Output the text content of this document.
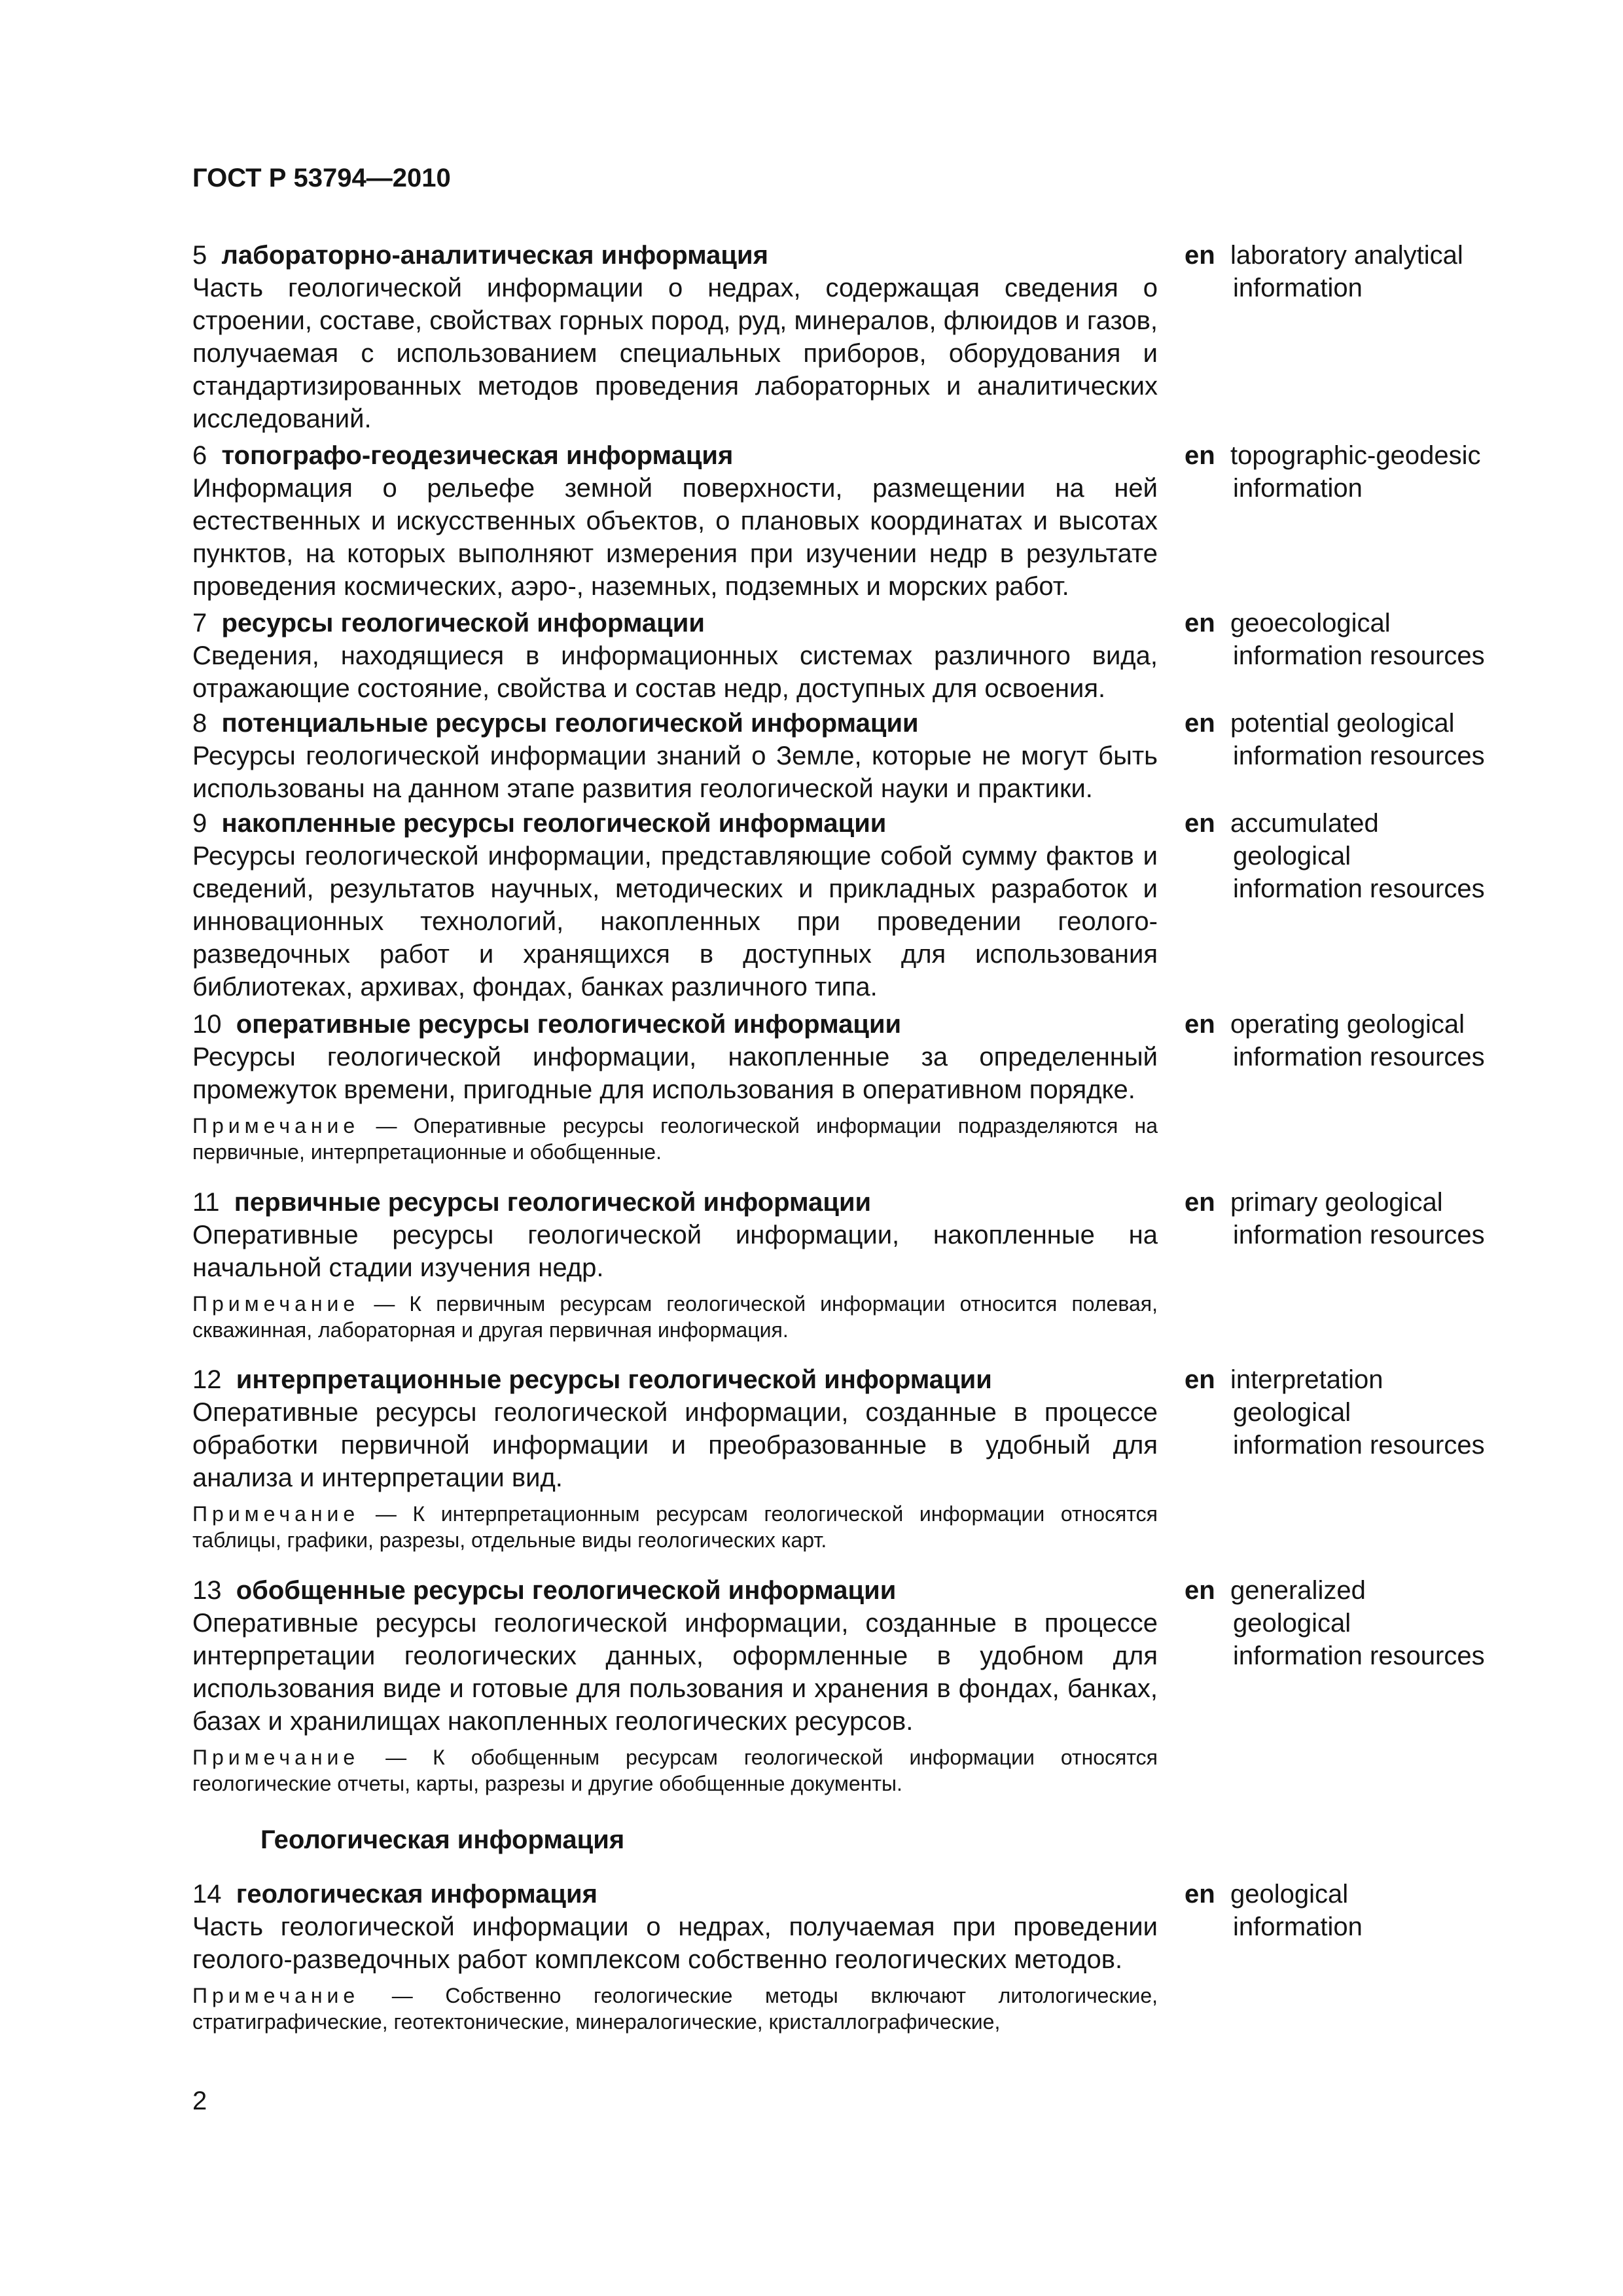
ГОСТ Р 53794—2010

5 лабораторно-аналитическая информация

Часть геологической информации о недрах, содержащая сведения о строении, составе, свойствах горных пород, руд, минералов, флюидов и газов, получаемая с использованием специальных приборов, оборудования и стандартизированных методов проведения лабораторных и аналитических исследований.

en laboratory analytical
information

6 топографо-геодезическая информация

Информация о рельефе земной поверхности, размещении на ней естественных и искусственных объектов, о плановых координатах и высотах пунктов, на которых выполняют измерения при изучении недр в результате проведения космических, аэро-, наземных, подземных и морских работ.

en topographic-geodesic
information

7 ресурсы геологической информации

Сведения, находящиеся в информационных системах различного вида, отражающие состояние, свойства и состав недр, доступных для освоения.

en geoecological
information resources

8 потенциальные ресурсы геологической информации

Ресурсы геологической информации знаний о Земле, которые не могут быть использованы на данном этапе развития геологической науки и практики.

en potential geological
information resources

9 накопленные ресурсы геологической информации

Ресурсы геологической информации, представляющие собой сумму фактов и сведений, результатов научных, методических и прикладных разработок и инновационных технологий, накопленных при проведении геолого-разведочных работ и хранящихся в доступных для использования библиотеках, архивах, фондах, банках различного типа.

en accumulated
geological
information resources

10 оперативные ресурсы геологической информации

Ресурсы геологической информации, накопленные за определенный промежуток времени, пригодные для использования в оперативном порядке.

Примечание — Оперативные ресурсы геологической информации подразделяются на первичные, интерпретационные и обобщенные.

en operating geological
information resources

11 первичные ресурсы геологической информации

Оперативные ресурсы геологической информации, накопленные на начальной стадии изучения недр.

Примечание — К первичным ресурсам геологической информации относится полевая, скважинная, лабораторная и другая первичная информация.

en primary geological
information resources

12 интерпретационные ресурсы геологической информации

Оперативные ресурсы геологической информации, созданные в процессе обработки первичной информации и преобразованные в удобный для анализа и интерпретации вид.

Примечание — К интерпретационным ресурсам геологической информации относятся таблицы, графики, разрезы, отдельные виды геологических карт.

en interpretation
geological
information resources

13 обобщенные ресурсы геологической информации

Оперативные ресурсы геологической информации, созданные в процессе интерпретации геологических данных, оформленные в удобном для использования виде и готовые для пользования и хранения в фондах, банках, базах и хранилищах накопленных геологических ресурсов.

Примечание — К обобщенным ресурсам геологической информации относятся геологические отчеты, карты, разрезы и другие обобщенные документы.

en generalized
geological
information resources
Геологическая информация

14 геологическая информация

Часть геологической информации о недрах, получаемая при проведении геолого-разведочных работ комплексом собственно геологических методов.

Примечание — Собственно геологические методы включают литологические, стратиграфические, геотектонические, минералогические, кристаллографические,

en geological
information
2
